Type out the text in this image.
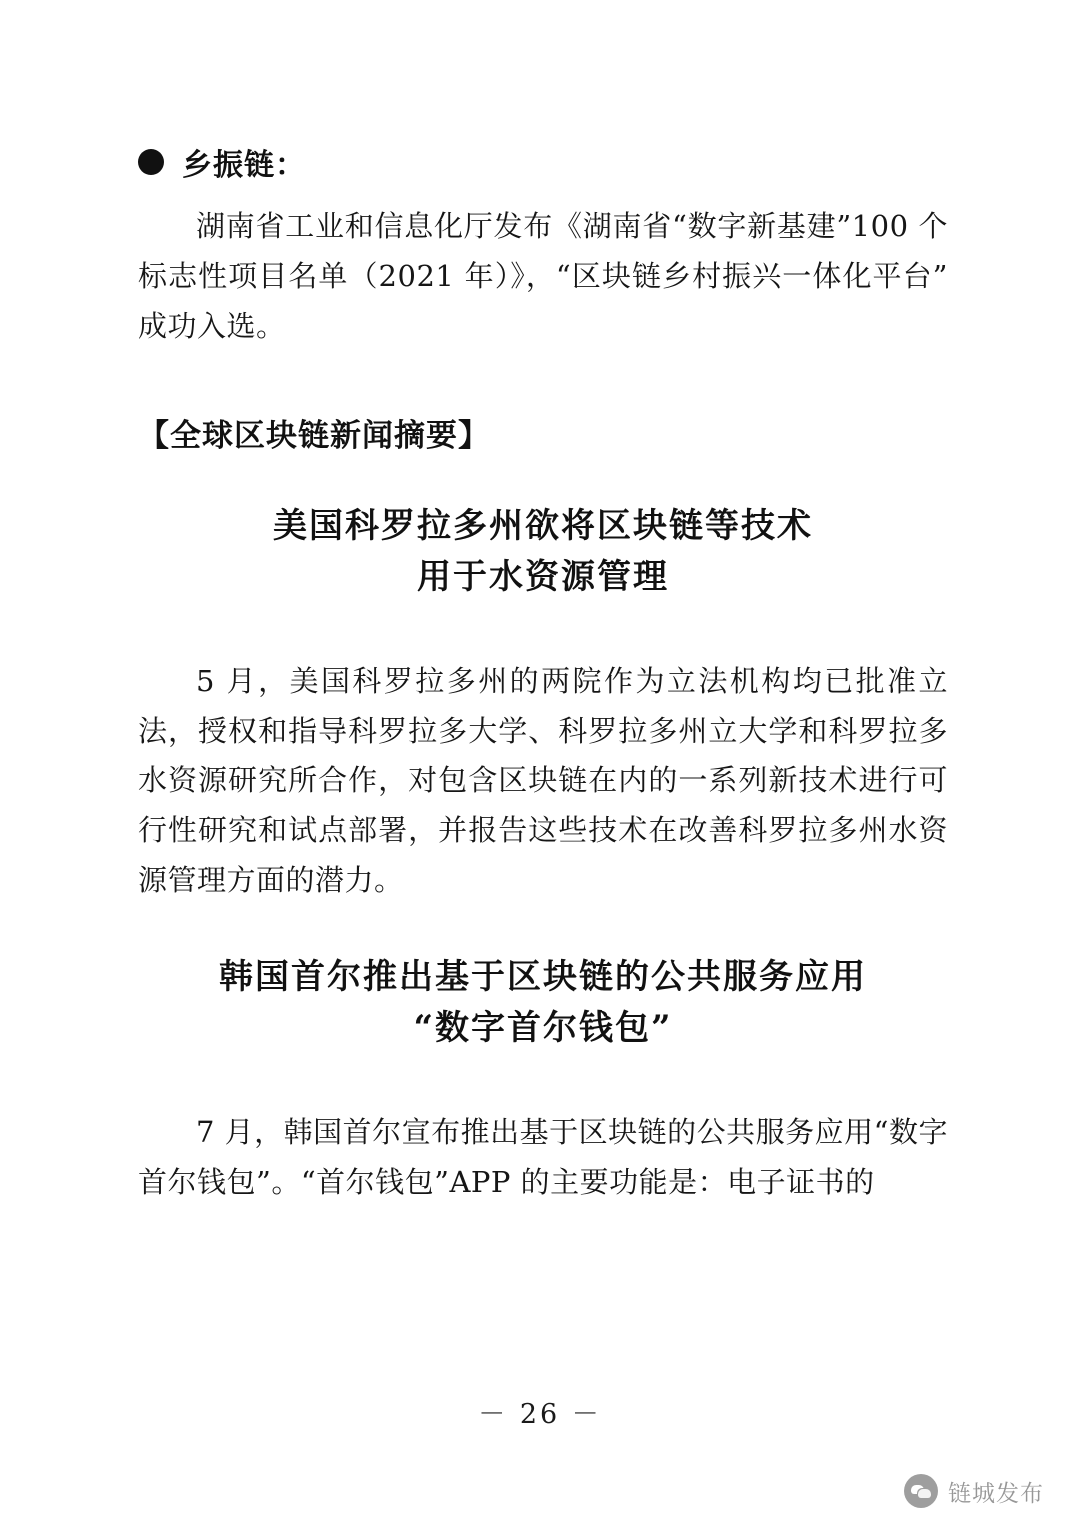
乡振链：

湖南省工业和信息化厅发布《湖南省“数字新基建”100 个标志性项目名单（2021 年）》，“区块链乡村振兴一体化平台”成功入选。

【全球区块链新闻摘要】
美国科罗拉多州欲将区块链等技术
用于水资源管理

5 月，美国科罗拉多州的两院作为立法机构均已批准立法，授权和指导科罗拉多大学、科罗拉多州立大学和科罗拉多水资源研究所合作，对包含区块链在内的一系列新技术进行可行性研究和试点部署，并报告这些技术在改善科罗拉多州水资源管理方面的潜力。

韩国首尔推出基于区块链的公共服务应用
“数字首尔钱包”

7 月，韩国首尔宣布推出基于区块链的公共服务应用“数字首尔钱包”。“首尔钱包”APP 的主要功能是：电子证书的

－ 26 －
链城发布
